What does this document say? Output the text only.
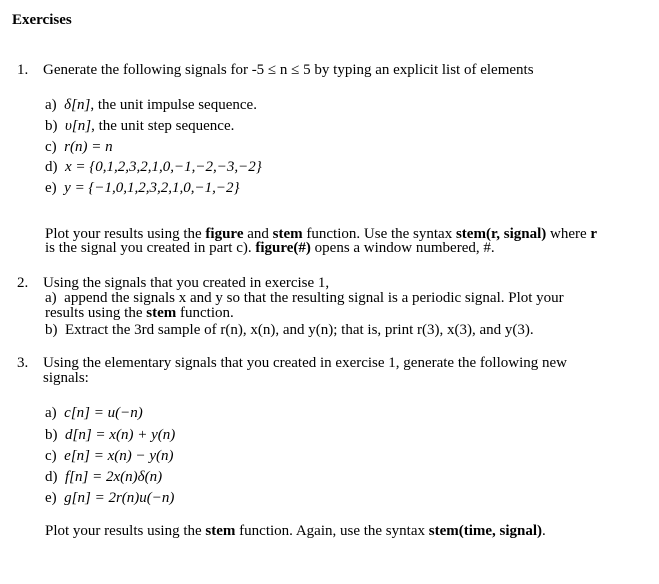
Exercises
1. Generate the following signals for -5 ≤ n ≤ 5 by typing an explicit list of elements
a) δ[n], the unit impulse sequence.
b) υ[n], the unit step sequence.
c) r(n) = n
d) x = {0,1,2,3,2,1,0,−1,−2,−3,−2}
e) y = {−1,0,1,2,3,2,1,0,−1,−2}
Plot your results using the figure and stem function. Use the syntax stem(r, signal) where r
is the signal you created in part c). figure(#) opens a window numbered, #.
2. Using the signals that you created in exercise 1,
a) append the signals x and y so that the resulting signal is a periodic signal. Plot your
results using the stem function.
b) Extract the 3rd sample of r(n), x(n), and y(n); that is, print r(3), x(3), and y(3).
3. Using the elementary signals that you created in exercise 1, generate the following new
signals:
a) c[n] = u(−n)
b) d[n] = x(n) + y(n)
c) e[n] = x(n) − y(n)
d) f[n] = 2x(n)δ(n)
e) g[n] = 2r(n)u(−n)
Plot your results using the stem function. Again, use the syntax stem(time, signal).
